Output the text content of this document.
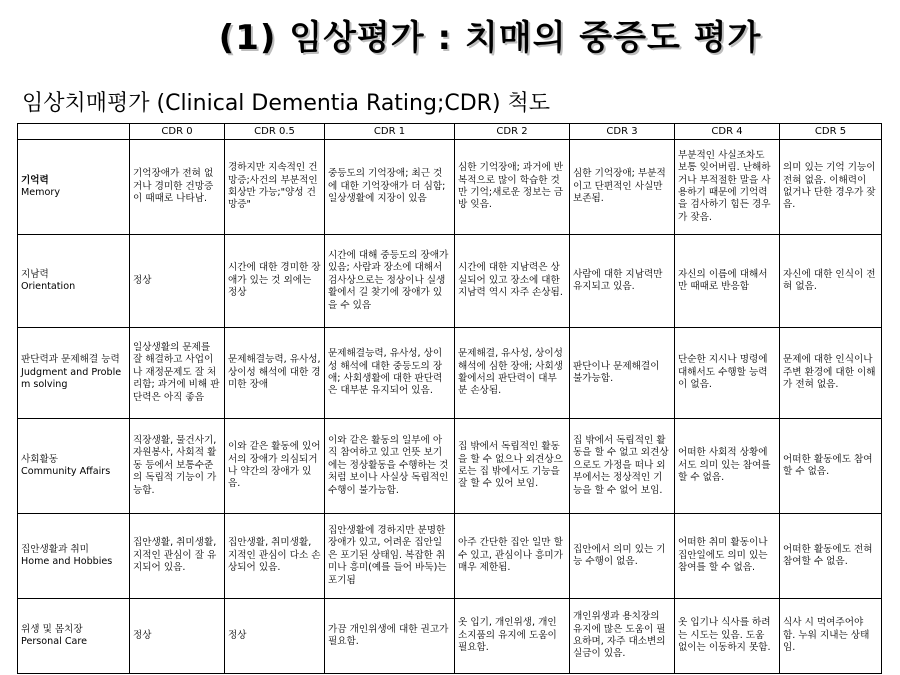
(1) 임상평가 : 치매의 중증도 평가
임상치매평가 (Clinical Dementia Rating;CDR) 척도
	CDR 0	CDR 0.5	CDR 1	CDR 2	CDR 3	CDR 4	CDR 5

기억력
Memory	기억장애가 전혀 없거나 경미한 건망증이 때때로 나타남.	경하지만 지속적인 건망증;사건의 부분적인 회상만 가능;"양성 건망증"	중등도의 기억장애; 최근 것에 대한 기억장애가 더 심함; 일상생활에 지장이 있음	심한 기억장애; 과거에 반복적으로 많이 학습한 것만 기억;새로운 정보는 금방 잊음.	심한 기억장애; 부분적이고 단편적인 사실만 보존됨.	부분적인 사실조차도 보통 잊어버림. 난해하거나 부적절한 말을 사용하기 때문에 기억력을 검사하기 힘든 경우가 잦음.	의미 있는 기억 기능이 전혀 없음. 이해력이 없거나 단한 경우가 잦음.

지남력
Orientation	정상	시간에 대한 경미한 장애가 있는 것 외에는 정상	시간에 대해 중등도의 장애가 있음; 사람과 장소에 대해서 검사상으로는 정상이나 실생활에서 길 찾기에 장애가 있을 수 있음	시간에 대한 지남력은 상실되어 있고 장소에 대한 지남력 역시 자주 손상됨.	사람에 대한 지남력만 유지되고 있음.	자신의 이름에 대해서만 때때로 반응함	자신에 대한 인식이 전혀 없음.

판단력과 문제해결 능력
Judgment and Problem solving	일상생활의 문제를 잘 해결하고 사업이나 재정문제도 잘 처리함; 과거에 비해 판단력은 아직 좋음	문제해결능력, 유사성, 상이성 해석에 대한 경미한 장애	문제해결능력, 유사성, 상이성 해석에 대한 중등도의 장애; 사회생활에 대한 판단력은 대부분 유지되어 있음.	문제해결, 유사성, 상이성 해석에 심한 장애; 사회생활에서의 판단력이 대부분 손상됨.	판단이나 문제해결이 불가능함.	단순한 지시나 명령에 대해서도 수행할 능력이 없음.	문제에 대한 인식이나 주변 환경에 대한 이해가 전혀 없음.

사회활동
Community Affairs	직장생활, 물건사기, 자원봉사, 사회적 활동 등에서 보통수준의 독립적 기능이 가능함.	이와 같은 활동에 있어서의 장애가 의심되거나 약간의 장애가 있음.	이와 같은 활동의 일부에 아직 참여하고 있고 언뜻 보기에는 정상활동을 수행하는 것처럼 보이나 사실상 독립적인 수행이 불가능함.	집 밖에서 독립적인 활동을 할 수 없으나 외견상으로는 집 밖에서도 기능을 잘 할 수 있어 보임.	집 밖에서 독립적인 활동을 할 수 없고 외견상으로도 가정을 떠나 외부에서는 정상적인 기능을 할 수 없어 보임.	어떠한 사회적 상황에서도 의미 있는 참여를 할 수 없음.	어떠한 활동에도 참여할 수 없음.

집안생활과 취미
Home and Hobbies	집안생활, 취미생활, 지적인 관심이 잘 유지되어 있음.	집안생활, 취미생활, 지적인 관심이 다소 손상되어 있음.	집안생활에 경하지만 분명한 장애가 있고, 어려운 집안일은 포기된 상태임. 복잡한 취미나 흥미(예를 들어 바둑)는 포기됨	아주 간단한 집안 일만 할 수 있고, 관심이나 흥미가 매우 제한됨.	집안에서 의미 있는 기능 수행이 없음.	어떠한 취미 활동이나 집안일에도 의미 있는 참여를 할 수 없음.	어떠한 활동에도 전혀 참여할 수 없음.

위생 및 몸치장
Personal Care	정상	정상	가끔 개인위생에 대한 권고가 필요함.	옷 입기, 개인위생, 개인 소지품의 유지에 도움이 필요함.	개인위생과 용치장의 유지에 많은 도움이 필요하며, 자주 대소변의 실금이 있음.	옷 입기나 식사를 하려는 시도는 있음. 도움 없이는 이동하지 못함.	식사 시 먹여주어야 함. 누워 지내는 상태임.
